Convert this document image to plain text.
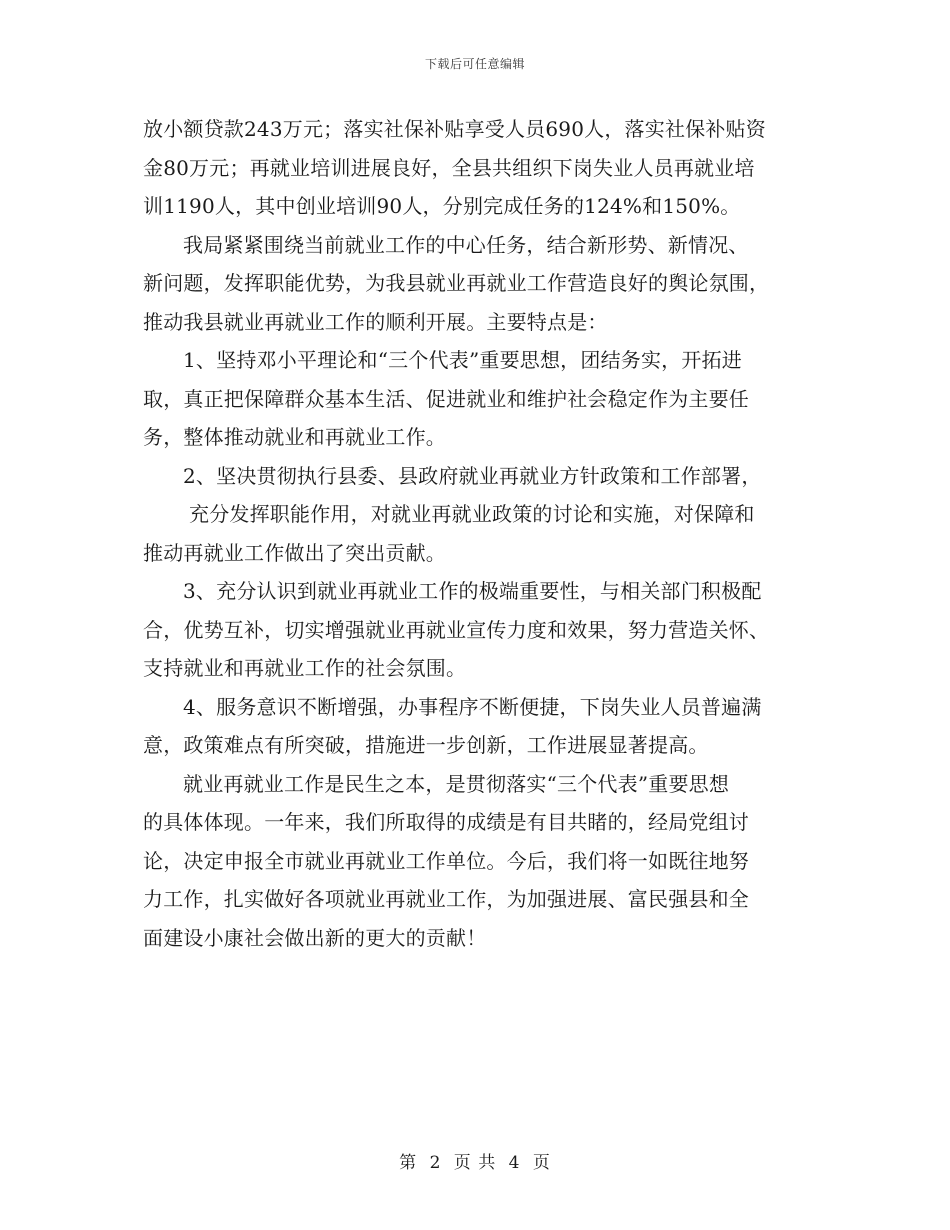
下载后可任意编辑
放小额贷款243万元；落实社保补贴享受人员690人，落实社保补贴资
金80万元；再就业培训进展良好，全县共组织下岗失业人员再就业培
训1190人，其中创业培训90人，分别完成任务的124%和150%。
我局紧紧围绕当前就业工作的中心任务，结合新形势、新情况、
新问题，发挥职能优势，为我县就业再就业工作营造良好的舆论氛围，
推动我县就业再就业工作的顺利开展。主要特点是：
1、坚持邓小平理论和“三个代表”重要思想，团结务实，开拓进
取，真正把保障群众基本生活、促进就业和维护社会稳定作为主要任
务，整体推动就业和再就业工作。
2、坚决贯彻执行县委、县政府就业再就业方针政策和工作部署，
充分发挥职能作用，对就业再就业政策的讨论和实施，对保障和
推动再就业工作做出了突出贡献。
3、充分认识到就业再就业工作的极端重要性，与相关部门积极配
合，优势互补，切实增强就业再就业宣传力度和效果，努力营造关怀、
支持就业和再就业工作的社会氛围。
4、服务意识不断增强，办事程序不断便捷，下岗失业人员普遍满
意，政策难点有所突破，措施进一步创新，工作进展显著提高。
就业再就业工作是民生之本，是贯彻落实“三个代表”重要思想
的具体体现。一年来，我们所取得的成绩是有目共睹的，经局党组讨
论，决定申报全市就业再就业工作单位。今后，我们将一如既往地努
力工作，扎实做好各项就业再就业工作，为加强进展、富民强县和全
面建设小康社会做出新的更大的贡献！
第 2 页 共 4 页
